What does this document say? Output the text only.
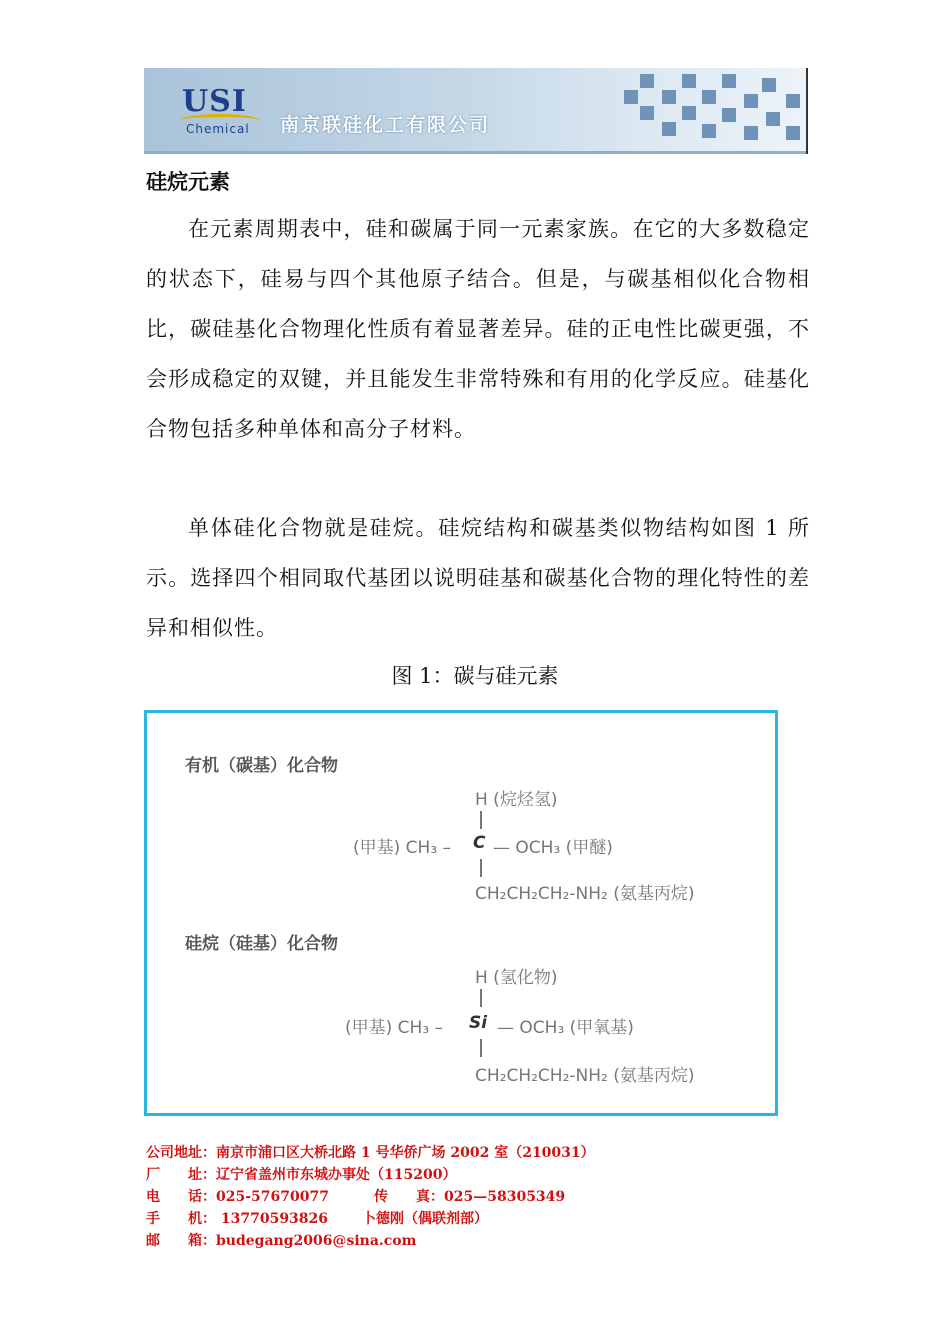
USI
Chemical 南京联硅化工有限公司
硅烷元素

在元素周期表中，硅和碳属于同一元素家族。在它的大多数稳定的状态下，硅易与四个其他原子结合。但是，与碳基相似化合物相比，碳硅基化合物理化性质有着显著差异。硅的正电性比碳更强，不会形成稳定的双键，并且能发生非常特殊和有用的化学反应。硅基化合物包括多种单体和高分子材料。

单体硅化合物就是硅烷。硅烷结构和碳基类似物结构如图 1 所示。选择四个相同取代基团以说明硅基和碳基化合物的理化特性的差异和相似性。

图 1：碳与硅元素
有机（碳基）化合物
H (烷烃氢)
(甲基) CH₃ – C — OCH₃ (甲醚)
CH₂CH₂CH₂-NH₂ (氨基丙烷)
硅烷（硅基）化合物
H (氢化物)
(甲基) CH₃ – Si — OCH₃ (甲氧基)
CH₂CH₂CH₂-NH₂ (氨基丙烷)
公司地址：南京市浦口区大桥北路 1 号华侨广场 2002 室（210031）
厂　　址：辽宁省盖州市东城办事处（115200）
电　　话：025-57670077	传　　真：025—58305349
手　　机： 13770593826 卜德刚（偶联剂部）
邮　　箱：budegang2006@sina.com
